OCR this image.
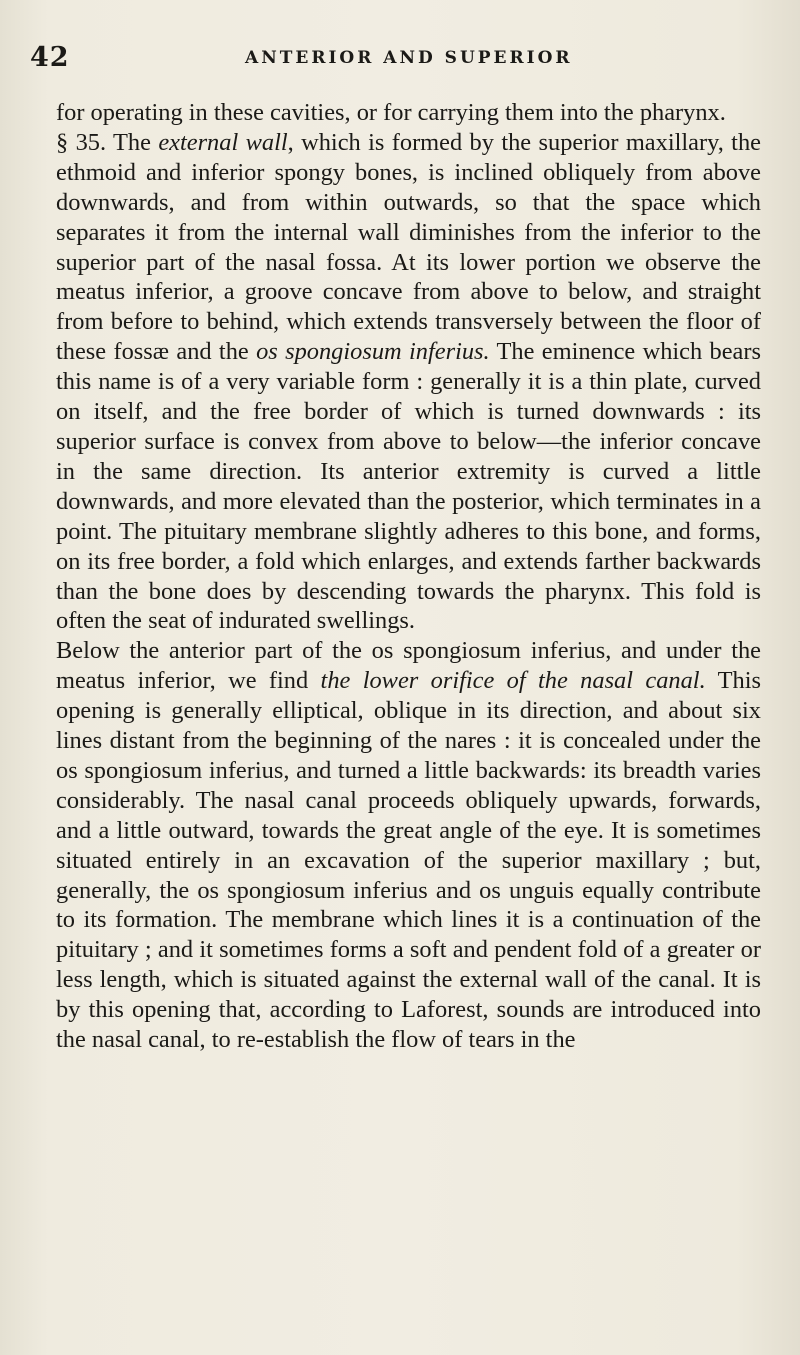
42	ANTERIOR AND SUPERIOR

for operating in these cavities, or for carrying them into the pharynx.

§ 35. The external wall, which is formed by the superior maxillary, the ethmoid and inferior spongy bones, is inclined obliquely from above downwards, and from within outwards, so that the space which separates it from the internal wall diminishes from the inferior to the superior part of the nasal fossa. At its lower portion we observe the meatus inferior, a groove concave from above to below, and straight from before to behind, which extends transversely between the floor of these fossæ and the os spongiosum inferius. The eminence which bears this name is of a very variable form : generally it is a thin plate, curved on itself, and the free border of which is turned downwards : its superior surface is convex from above to below—the inferior concave in the same direction. Its anterior extremity is curved a little downwards, and more elevated than the posterior, which terminates in a point. The pituitary membrane slightly adheres to this bone, and forms, on its free border, a fold which enlarges, and extends farther backwards than the bone does by descending towards the pharynx. This fold is often the seat of indurated swellings.

Below the anterior part of the os spongiosum inferius, and under the meatus inferior, we find the lower orifice of the nasal canal. This opening is generally elliptical, oblique in its direction, and about six lines distant from the beginning of the nares : it is concealed under the os spongiosum inferius, and turned a little backwards: its breadth varies considerably. The nasal canal proceeds obliquely upwards, forwards, and a little outward, towards the great angle of the eye. It is sometimes situated entirely in an excavation of the superior maxillary ; but, generally, the os spongiosum inferius and os unguis equally contribute to its formation. The membrane which lines it is a continuation of the pituitary ; and it sometimes forms a soft and pendent fold of a greater or less length, which is situated against the external wall of the canal. It is by this opening that, according to Laforest, sounds are introduced into the nasal canal, to re-establish the flow of tears in the
